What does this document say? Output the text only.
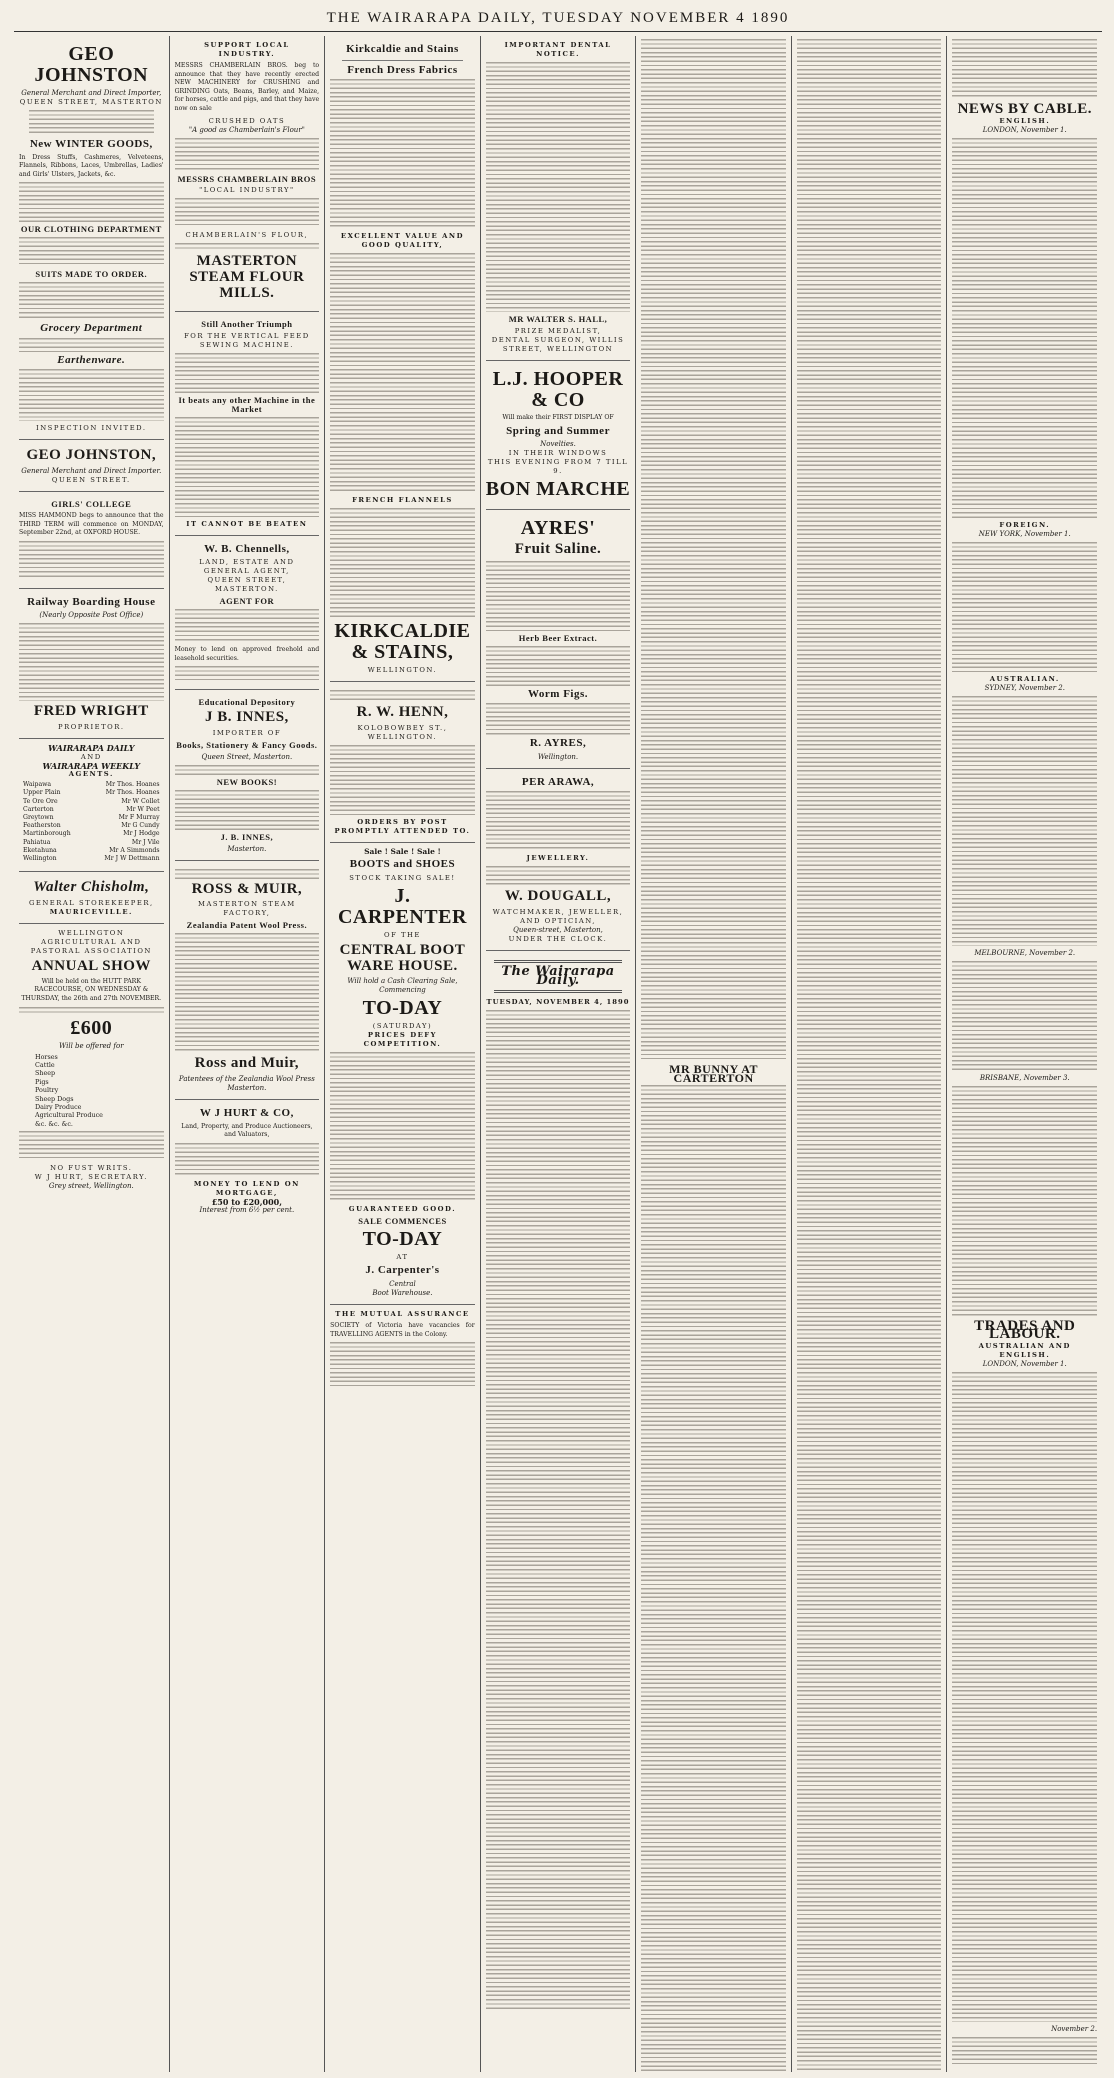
THE WAIRARAPA DAILY, TUESDAY NOVEMBER 4 1890
GEO JOHNSTON
General Merchant and Direct Importer,
QUEEN STREET, MASTERTON
New WINTER GOODS,
In Dress Stuffs, Cashmeres, Velveteens, Flannels, Ribbons, Laces, Umbrellas, Ladies' and Girls' Ulsters, Jackets, &c.
OUR CLOTHING DEPARTMENT
SUITS MADE TO ORDER.
Grocery Department
Earthenware.
INSPECTION INVITED.
GEO JOHNSTON,
General Merchant and Direct Importer.
QUEEN STREET.
GIRLS' COLLEGE
MISS HAMMOND begs to announce that the THIRD TERM will commence on MONDAY, September 22nd, at OXFORD HOUSE.
Railway Boarding House
(Nearly Opposite Post Office)
FRED WRIGHT
PROPRIETOR.
WAIRARAPA DAILY
AND
WAIRARAPA WEEKLY
AGENTS.
Waipawa	Mr Thos. Hoanes
Upper Plain	Mr Thos. Hoanes
Te Ore Ore	Mr W Collet
Carterton	Mr W Peet
Greytown	Mr F Murray
Featherston	Mr G Cundy
Martinborough	Mr J Hodge
Pahiatua	Mr J Vile
Eketahuna	Mr A Simmonds
Wellington	Mr J W Dettmann
Walter Chisholm,
GENERAL STOREKEEPER,
MAURICEVILLE.
WELLINGTON AGRICULTURAL AND PASTORAL ASSOCIATION
ANNUAL SHOW
Will be held on the HUTT PARK RACECOURSE, ON WEDNESDAY & THURSDAY, the 26th and 27th NOVEMBER.
£600
Will be offered for
Horses
Cattle
Sheep
Pigs
Poultry
Sheep Dogs
Dairy Produce
Agricultural Produce
&c. &c. &c.
NO FUST WRITS.
W J HURT, SECRETARY.
Grey street, Wellington.
SUPPORT LOCAL INDUSTRY.
MESSRS CHAMBERLAIN BROS. beg to announce that they have recently erected NEW MACHINERY for CRUSHING and GRINDING Oats, Beans, Barley, and Maize, for horses, cattle and pigs, and that they have now on sale
CRUSHED OATS
"A good as Chamberlain's Flour"
MESSRS CHAMBERLAIN BROS
"LOCAL INDUSTRY"
CHAMBERLAIN'S FLOUR,
MASTERTON STEAM FLOUR MILLS.
Still Another Triumph
FOR THE VERTICAL FEED SEWING MACHINE.
It beats any other Machine in the Market
IT CANNOT BE BEATEN
W. B. Chennells,
LAND, ESTATE AND GENERAL AGENT,
QUEEN STREET, MASTERTON.
AGENT FOR
Money to lend on approved freehold and leasehold securities.
Educational Depository
J B. INNES,
IMPORTER OF
Books, Stationery & Fancy Goods.
Queen Street, Masterton.
NEW BOOKS!
J. B. INNES,
Masterton.
ROSS & MUIR,
MASTERTON STEAM FACTORY,
Zealandia Patent Wool Press.
Ross and Muir,
Patentees of the Zealandia Wool Press
Masterton.
W J HURT & CO,
Land, Property, and Produce Auctioneers, and Valuators,
MONEY TO LEND ON MORTGAGE,
£50 to £20,000,
Interest from 6½ per cent.
Kirkcaldie and Stains
French Dress Fabrics
EXCELLENT VALUE AND GOOD QUALITY,
FRENCH FLANNELS
KIRKCALDIE & STAINS,
WELLINGTON.
R. W. HENN,
KOLOBOWBEY ST., WELLINGTON.
ORDERS BY POST PROMPTLY ATTENDED TO.
Sale ! Sale ! Sale !
BOOTS and SHOES
STOCK TAKING SALE!
J. CARPENTER
OF THE
CENTRAL BOOT WARE HOUSE.
Will hold a Cash Clearing Sale,
Commencing
TO-DAY
(SATURDAY)
PRICES DEFY COMPETITION.
GUARANTEED GOOD.
SALE COMMENCES
TO-DAY
AT
J. Carpenter's
Central
Boot Warehouse.
THE MUTUAL ASSURANCE
SOCIETY of Victoria have vacancies for TRAVELLING AGENTS in the Colony.
IMPORTANT DENTAL NOTICE.
MR WALTER S. HALL,
PRIZE MEDALIST,
DENTAL SURGEON, WILLIS STREET, WELLINGTON
L.J. HOOPER & CO
Will make their FIRST DISPLAY OF
Spring and Summer
Novelties.
IN THEIR WINDOWS
THIS EVENING FROM 7 TILL 9.
BON MARCHE
AYRES'
Fruit Saline.
Herb Beer Extract.
Worm Figs.
R. AYRES,
Wellington.
PER ARAWA,
JEWELLERY.
W. DOUGALL,
WATCHMAKER, JEWELLER, AND OPTICIAN,
Queen-street, Masterton,
UNDER THE CLOCK.
The Wairarapa Daily.
TUESDAY, NOVEMBER 4, 1890
MR BUNNY AT CARTERTON
NEWS BY CABLE.
ENGLISH.
LONDON, November 1.
FOREIGN.
NEW YORK, November 1.
AUSTRALIAN.
SYDNEY, November 2.
MELBOURNE, November 2.
BRISBANE, November 3.
TRADES AND LABOUR.
AUSTRALIAN AND ENGLISH.
LONDON, November 1.
November 2.
